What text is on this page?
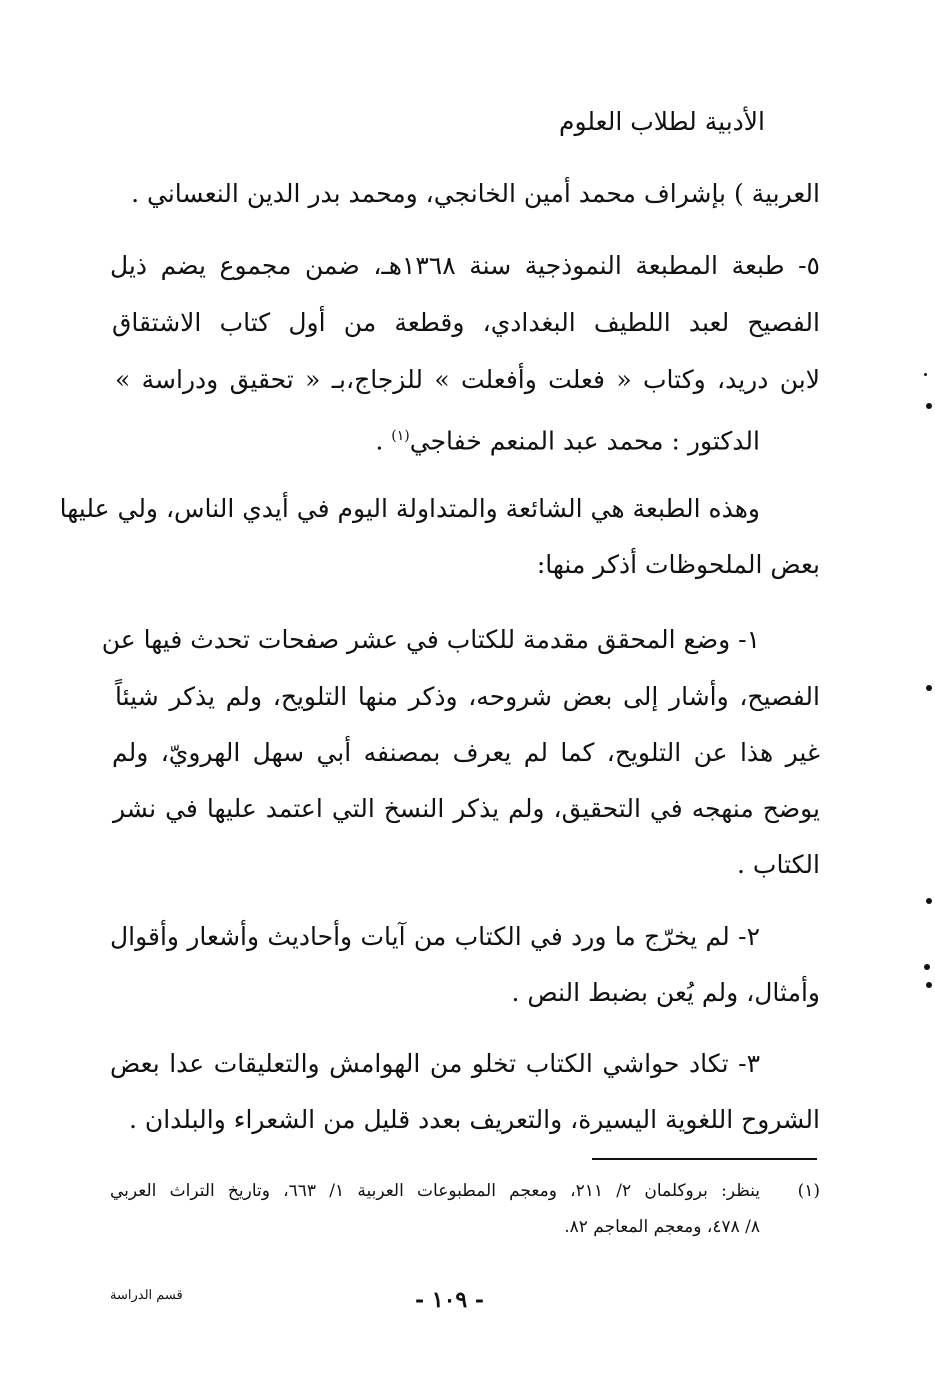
الأدبية لطلاب العلوم
العربية ) بإشراف محمد أمين الخانجي، ومحمد بدر الدين النعساني .
٥- طبعة المطبعة النموذجية سنة ١٣٦٨هـ، ضمن مجموع يضم ذيل
الفصيح لعبد اللطيف البغدادي، وقطعة من أول كتاب الاشتقاق
لابن دريد، وكتاب « فعلت وأفعلت » للزجاج،بـ « تحقيق ودراسة »
الدكتور : محمد عبد المنعم خفاجي$^{(١)}$ .
وهذه الطبعة هي الشائعة والمتداولة اليوم في أيدي الناس، ولي عليها
بعض الملحوظات أذكر منها:
١- وضع المحقق مقدمة للكتاب في عشر صفحات تحدث فيها عن
الفصيح، وأشار إلى بعض شروحه، وذكر منها التلويح، ولم يذكر شيئاً
غير هذا عن التلويح، كما لم يعرف بمصنفه أبي سهل الهرويّ، ولم
يوضح منهجه في التحقيق، ولم يذكر النسخ التي اعتمد عليها في نشر
الكتاب .
٢- لم يخرّج ما ورد في الكتاب من آيات وأحاديث وأشعار وأقوال
وأمثال، ولم يُعن بضبط النص .
٣- تكاد حواشي الكتاب تخلو من الهوامش والتعليقات عدا بعض
الشروح اللغوية اليسيرة، والتعريف بعدد قليل من الشعراء والبلدان .
(١)
ينظر: بروكلمان ٢/ ٢١١، ومعجم المطبوعات العربية ١/ ٦٦٣، وتاريخ التراث العربي
٨/ ٤٧٨، ومعجم المعاجم ٨٢.
قسم الدراسة	- ١٠٩ -
